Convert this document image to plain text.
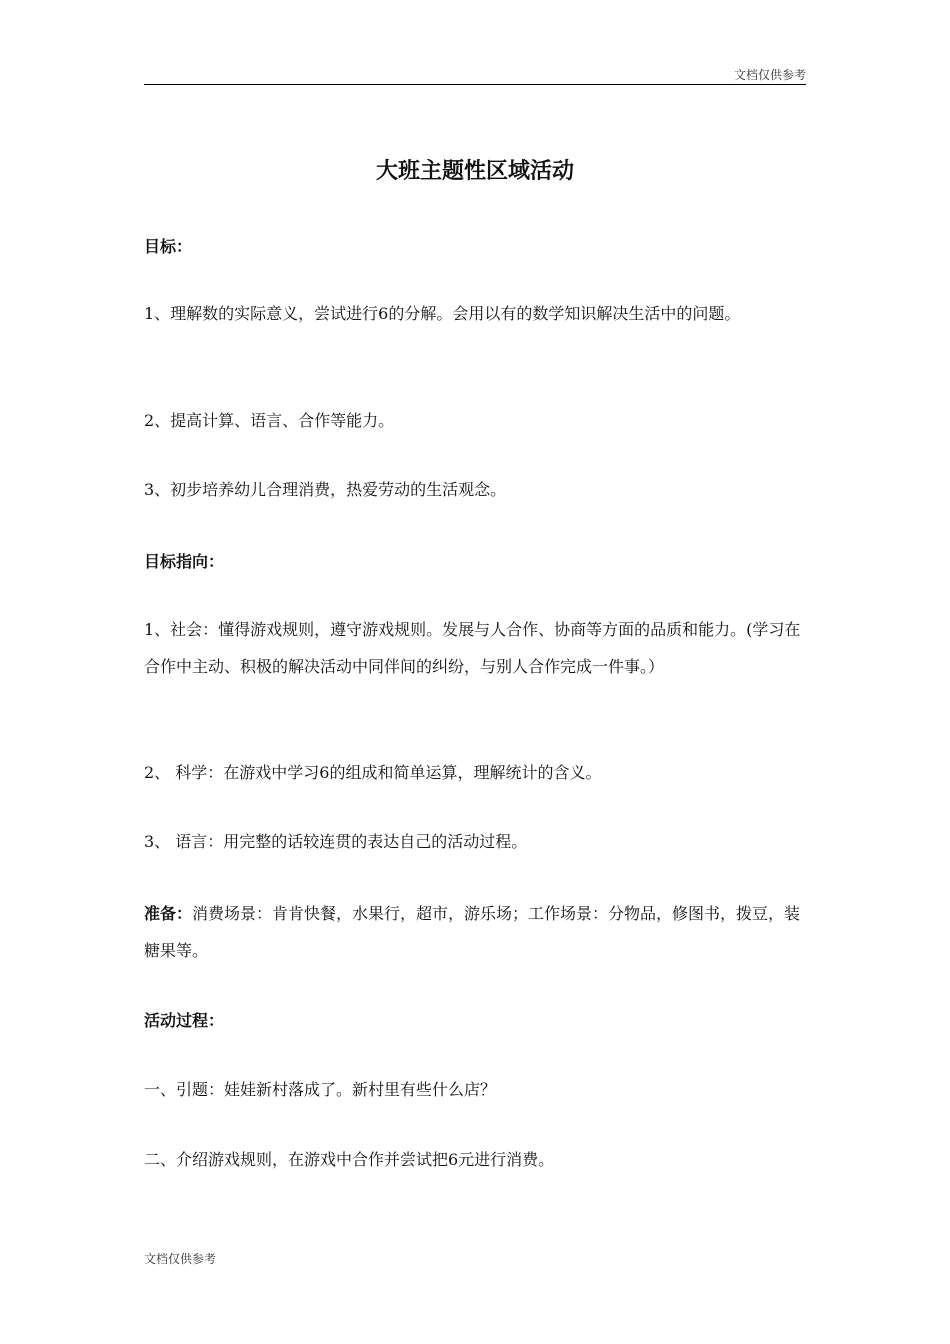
文档仅供参考
大班主题性区域活动

目标：

1、理解数的实际意义，尝试进行6的分解。会用以有的数学知识解决生活中的问题。

2、提高计算、语言、合作等能力。

3、初步培养幼儿合理消费，热爱劳动的生活观念。

目标指向：

1、社会：懂得游戏规则，遵守游戏规则。发展与人合作、协商等方面的品质和能力。(学习在合作中主动、积极的解决活动中同伴间的纠纷，与别人合作完成一件事。）

2、 科学：在游戏中学习6的组成和简单运算，理解统计的含义。

3、 语言：用完整的话较连贯的表达自己的活动过程。

准备：消费场景：肯肯快餐，水果行，超市，游乐场；工作场景：分物品，修图书，拨豆，装糖果等。

活动过程：

一、引题：娃娃新村落成了。新村里有些什么店？

二、介绍游戏规则，在游戏中合作并尝试把6元进行消费。

文档仅供参考
